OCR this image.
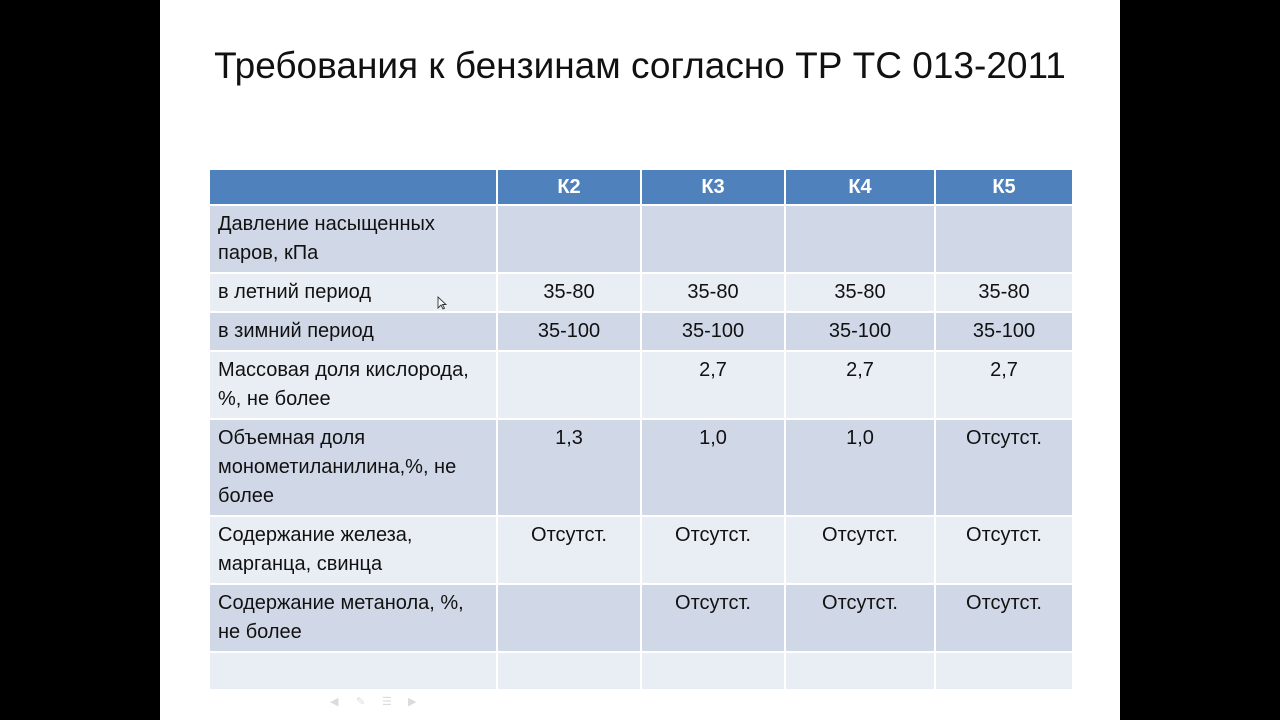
Требования к бензинам согласно ТР ТС 013-2011
	К2	К3	К4	К5
Давление насыщенных паров, кПа				
в летний период	35-80	35-80	35-80	35-80
в зимний период	35-100	35-100	35-100	35-100
Массовая доля кислорода, %, не более		2,7	2,7	2,7
Объемная доля монометиланилина,%, не более	1,3	1,0	1,0	Отсутст.
Содержание железа, марганца, свинца	Отсутст.	Отсутст.	Отсутст.	Отсутст.
Содержание метанола, %, не более		Отсутст.	Отсутст.	Отсутст.

◀	✎ ☰ ▶
